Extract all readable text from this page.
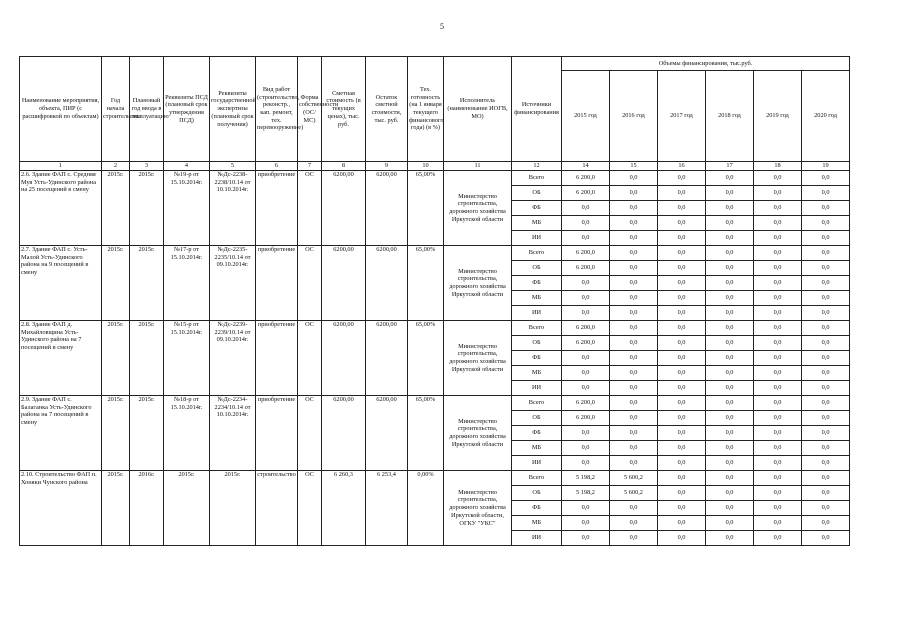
5
Наименование мероприятия, объекта, ПИР (с расшифровкой по объектам)	Год начала строительства	Плановый год ввода в эксплуатацию	Реквизиты ПСД (плановый срок утверждения ПСД)	Реквизиты государственной экспертизы (плановый срок получения)	Вид работ (строительство, реконстр., кап. ремонт, тех. перевооружение)	Форма собственности (ОС/МС)	Сметная стоимость (в текущих ценах), тыс. руб.	Остаток сметной стоимости, тыс. руб.	Тех. готовность (на 1 января текущего финансового года) (в %)	Исполнитель (наименование ИОГВ, МО)	Источники финансирования	Объемы финансирования, тыс.руб.					
												2015 год	2016 год	2017 год	2018 год	2019 год	2020 год
1	2	3	4	5	6	7	8	9	10	11	12	14	15	16	17	18	19
2.6. Здание ФАП с. Средняя Муя Усть-Удинского района на 25 посещений в смену	2015г.	2015г.	№19-р от 15.10.2014г.	№Дс-2238-2238/10.14 от 10.10.2014г.	приобретение	ОС	6200,00	6200,00	65,00%	Министерство строительства, дорожного хозяйства Иркутской области	Всего	6 200,0	0,0	0,0	0,0	0,0	0,0
											ОБ	6 200,0	0,0	0,0	0,0	0,0	0,0
											ФБ	0,0	0,0	0,0	0,0	0,0	0,0
											МБ	0,0	0,0	0,0	0,0	0,0	0,0
											ИИ	0,0	0,0	0,0	0,0	0,0	0,0
2.7. Здание ФАП с. Усть-Малой Усть-Удинского района на 9 посещений в смену	2015г.	2015г.	№17-р от 15.10.2014г.	№Дс-2235-2235/10.14 от 09.10.2014г.	приобретение	ОС	6200,00	6200,00	65,00%	Министерство строительства, дорожного хозяйства Иркутской области	Всего	6 200,0	0,0	0,0	0,0	0,0	0,0
											ОБ	6 200,0	0,0	0,0	0,0	0,0	0,0
											ФБ	0,0	0,0	0,0	0,0	0,0	0,0
											МБ	0,0	0,0	0,0	0,0	0,0	0,0
											ИИ	0,0	0,0	0,0	0,0	0,0	0,0
2.8. Здание ФАП д. Михайловщина Усть-Удинского района на 7 посещений в смену	2015г.	2015г.	№15-р от 15.10.2014г.	№Дс-2239-2239/10.14 от 09.10.2014г.	приобретение	ОС	6200,00	6200,00	65,00%	Министерство строительства, дорожного хозяйства Иркутской области	Всего	6 200,0	0,0	0,0	0,0	0,0	0,0
											ОБ	6 200,0	0,0	0,0	0,0	0,0	0,0
											ФБ	0,0	0,0	0,0	0,0	0,0	0,0
											МБ	0,0	0,0	0,0	0,0	0,0	0,0
											ИИ	0,0	0,0	0,0	0,0	0,0	0,0
2.9. Здание ФАП с. Балаганка Усть-Удинского района на 7 посещений в смену	2015г.	2015г.	№18-р от 15.10.2014г.	№Дс-2234-2234/10.14 от 10.10.2014г.	приобретение	ОС	6200,00	6200,00	65,00%	Министерство строительства, дорожного хозяйства Иркутской области	Всего	6 200,0	0,0	0,0	0,0	0,0	0,0
											ОБ	6 200,0	0,0	0,0	0,0	0,0	0,0
											ФБ	0,0	0,0	0,0	0,0	0,0	0,0
											МБ	0,0	0,0	0,0	0,0	0,0	0,0
											ИИ	0,0	0,0	0,0	0,0	0,0	0,0
2.10. Строительство ФАП п. Хоняки Чунского района	2015г.	2016г.	2015г.	2015г.	строительство	ОС	6 260,3	6 253,4	0,00%	Министерство строительства, дорожного хозяйства Иркутской области, ОГКУ "УКС"	Всего	5 198,2	5 600,2	0,0	0,0	0,0	0,0
											ОБ	5 198,2	5 600,2	0,0	0,0	0,0	0,0
											ФБ	0,0	0,0	0,0	0,0	0,0	0,0
											МБ	0,0	0,0	0,0	0,0	0,0	0,0
											ИИ	0,0	0,0	0,0	0,0	0,0	0,0
